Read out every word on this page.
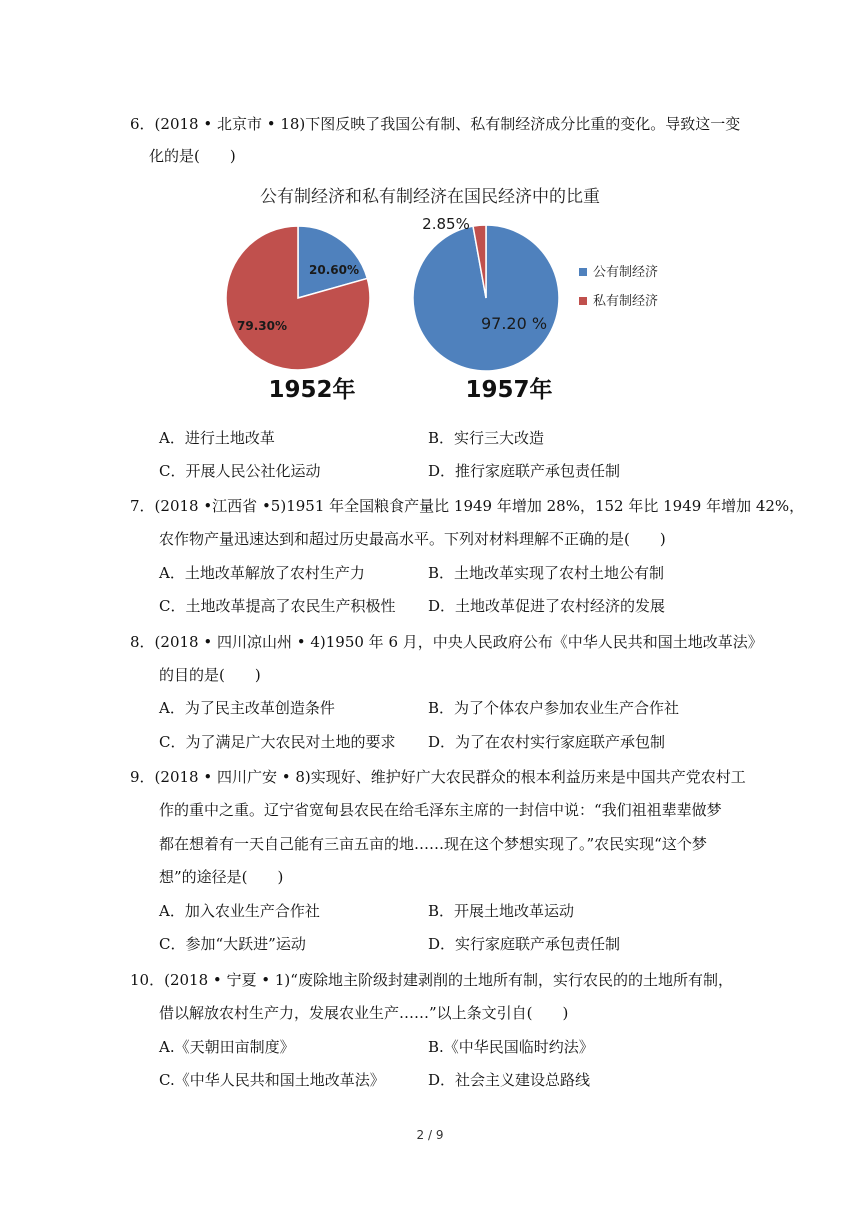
6．(2018 • 北京市 • 18)下图反映了我国公有制、私有制经济成分比重的变化。导致这一变
化的是(　　)
公有制经济和私有制经济在国民经济中的比重
20.60%
79.30%
1952年
97.20 %
2.85%
1957年
公有制经济
私有制经济
A．进行土地改革	B．实行三大改造
C．开展人民公社化运动	D．推行家庭联产承包责任制
7．(2018 •江西省 •5)1951 年全国粮食产量比 1949 年增加 28%，152 年比 1949 年增加 42%，
农作物产量迅速达到和超过历史最高水平。下列对材料理解不正确的是(　　)
A．土地改革解放了农村生产力	B．土地改革实现了农村土地公有制
C．土地改革提高了农民生产积极性 D．土地改革促进了农村经济的发展
8．(2018 • 四川凉山州 • 4)1950 年 6 月，中央人民政府公布《中华人民共和国土地改革法》
的目的是(　　)
A．为了民主改革创造条件	B．为了个体农户参加农业生产合作社
C．为了满足广大农民对土地的要求 D．为了在农村实行家庭联产承包制
9．(2018 • 四川广安 • 8)实现好、维护好广大农民群众的根本利益历来是中国共产党农村工
作的重中之重。辽宁省宽甸县农民在给毛泽东主席的一封信中说：“我们祖祖辈辈做梦
都在想着有一天自己能有三亩五亩的地……现在这个梦想实现了。”农民实现“这个梦
想”的途径是(　　)
A．加入农业生产合作社	B．开展土地改革运动
C．参加“大跃进”运动	D．实行家庭联产承包责任制
10．(2018 • 宁夏 • 1)“废除地主阶级封建剥削的土地所有制，实行农民的的土地所有制，
借以解放农村生产力，发展农业生产……”以上条文引自(　　)
A.《天朝田亩制度》	B.《中华民国临时约法》
C.《中华人民共和国土地改革法》	D．社会主义建设总路线
2 / 9
